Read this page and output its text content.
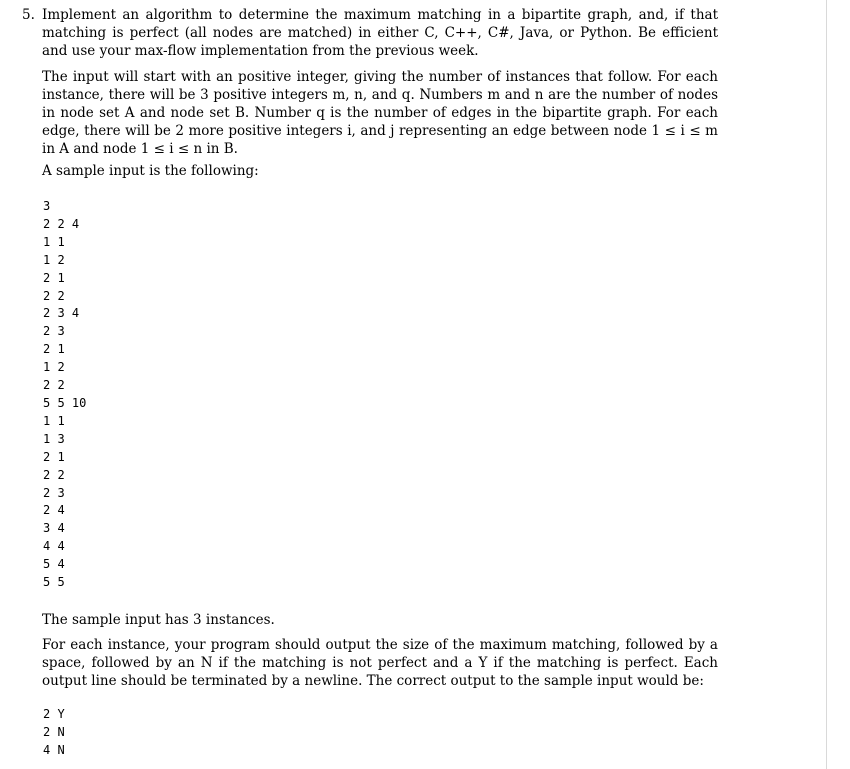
5. Implement an algorithm to determine the maximum matching in a bipartite graph, and, if that matching is perfect (all nodes are matched) in either C, C++, C#, Java, or Python. Be efficient and use your max-flow implementation from the previous week.

The input will start with an positive integer, giving the number of instances that follow. For each instance, there will be 3 positive integers m, n, and q. Numbers m and n are the number of nodes in node set A and node set B. Number q is the number of edges in the bipartite graph. For each edge, there will be 2 more positive integers i, and j representing an edge between node 1 ≤ i ≤ m in A and node 1 ≤ i ≤ n in B.

A sample input is the following:

3
2 2 4
1 1
1 2
2 1
2 2
2 3 4
2 3
2 1
1 2
2 2
5 5 10
1 1
1 3
2 1
2 2
2 3
2 4
3 4
4 4
5 4
5 5

The sample input has 3 instances.

For each instance, your program should output the size of the maximum matching, followed by a space, followed by an N if the matching is not perfect and a Y if the matching is perfect. Each output line should be terminated by a newline. The correct output to the sample input would be:

2 Y
2 N
4 N
